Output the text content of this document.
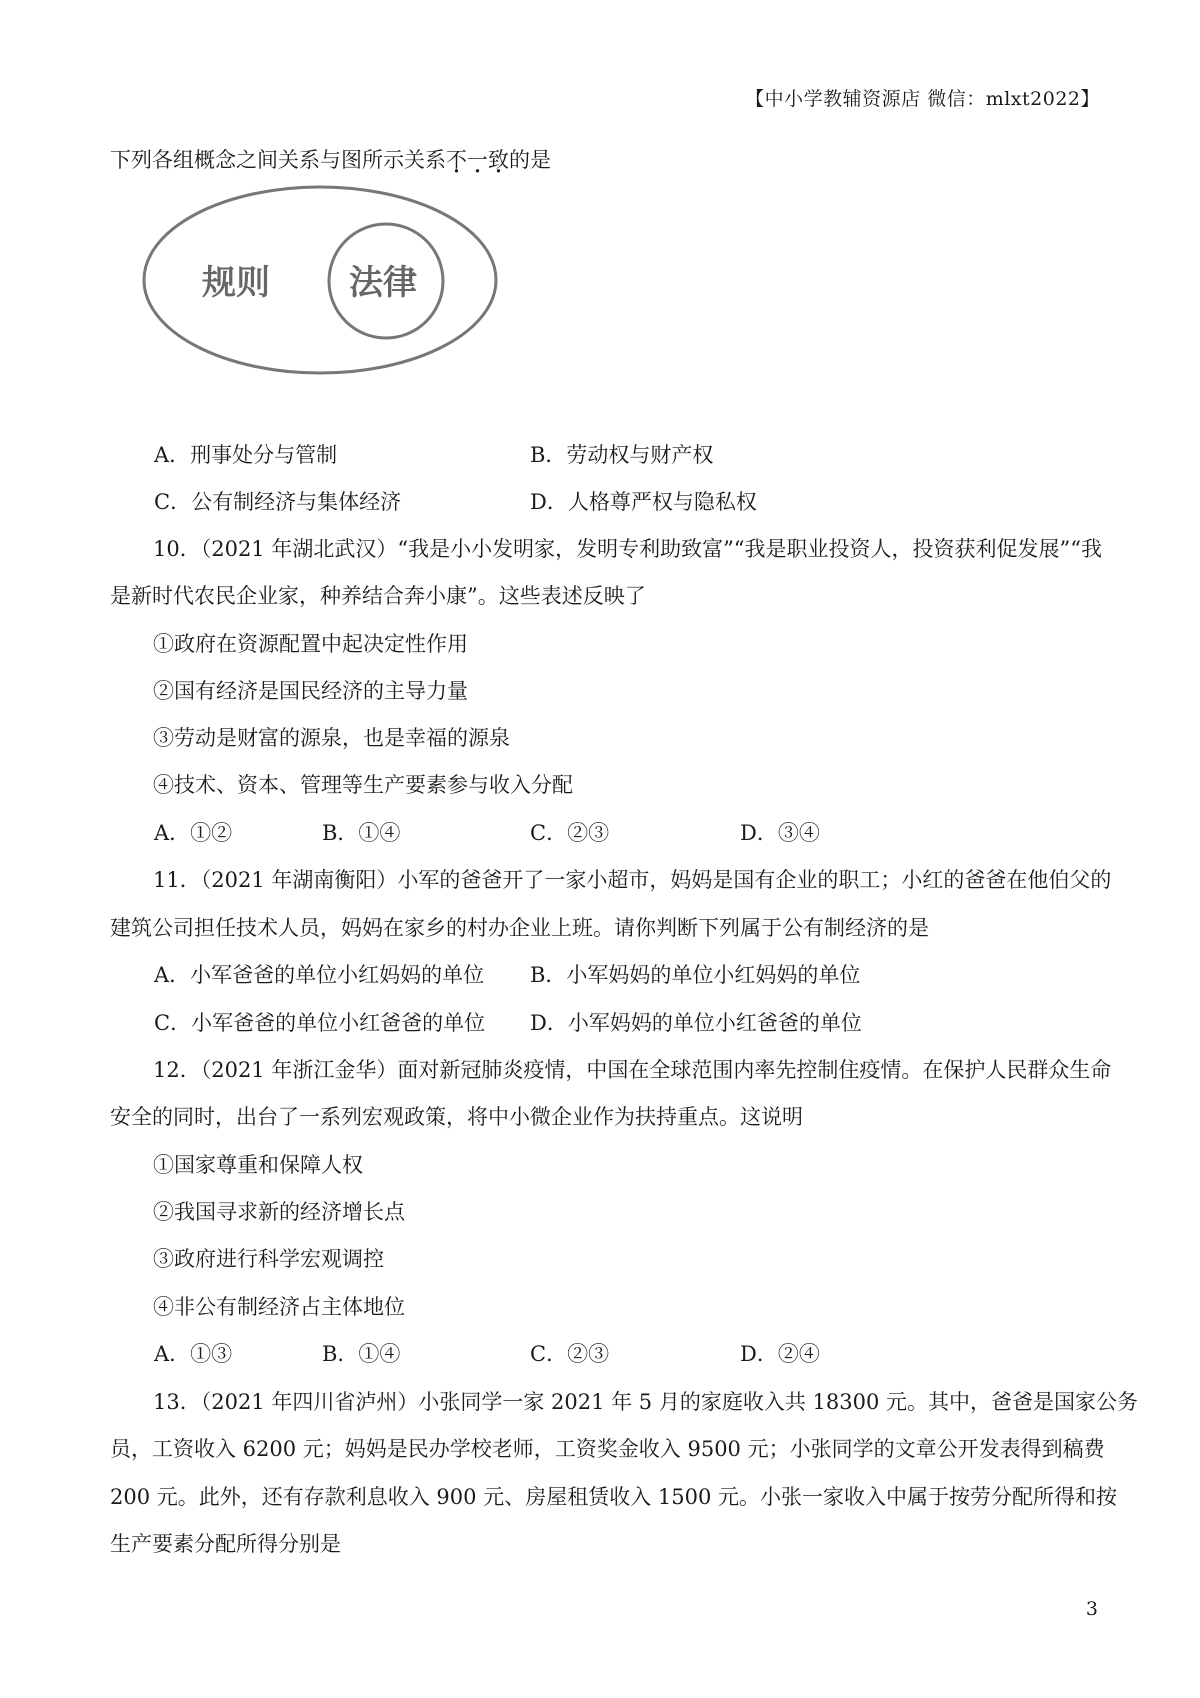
【中小学教辅资源店 微信：mlxt2022】
下列各组概念之间关系与图所示关系不一致的是
规则 法律
A．刑事处分与管制	B．劳动权与财产权
C．公有制经济与集体经济	D．人格尊严权与隐私权
10．（2021 年湖北武汉）“我是小小发明家，发明专利助致富”“我是职业投资人，投资获利促发展”“我
是新时代农民企业家，种养结合奔小康”。这些表述反映了
①政府在资源配置中起决定性作用
②国有经济是国民经济的主导力量
③劳动是财富的源泉，也是幸福的源泉
④技术、资本、管理等生产要素参与收入分配
A．①②	B．①④	C．②③	D．③④
11．（2021 年湖南衡阳）小军的爸爸开了一家小超市，妈妈是国有企业的职工；小红的爸爸在他伯父的
建筑公司担任技术人员，妈妈在家乡的村办企业上班。请你判断下列属于公有制经济的是
A．小军爸爸的单位小红妈妈的单位 B．小军妈妈的单位小红妈妈的单位
C．小军爸爸的单位小红爸爸的单位 D．小军妈妈的单位小红爸爸的单位
12．（2021 年浙江金华）面对新冠肺炎疫情，中国在全球范围内率先控制住疫情。在保护人民群众生命
安全的同时，出台了一系列宏观政策，将中小微企业作为扶持重点。这说明
①国家尊重和保障人权
②我国寻求新的经济增长点
③政府进行科学宏观调控
④非公有制经济占主体地位
A．①③	B．①④	C．②③	D．②④
13．（2021 年四川省泸州）小张同学一家 2021 年 5 月的家庭收入共 18300 元。其中，爸爸是国家公务
员，工资收入 6200 元；妈妈是民办学校老师，工资奖金收入 9500 元；小张同学的文章公开发表得到稿费
200 元。此外，还有存款利息收入 900 元、房屋租赁收入 1500 元。小张一家收入中属于按劳分配所得和按
生产要素分配所得分别是
3
